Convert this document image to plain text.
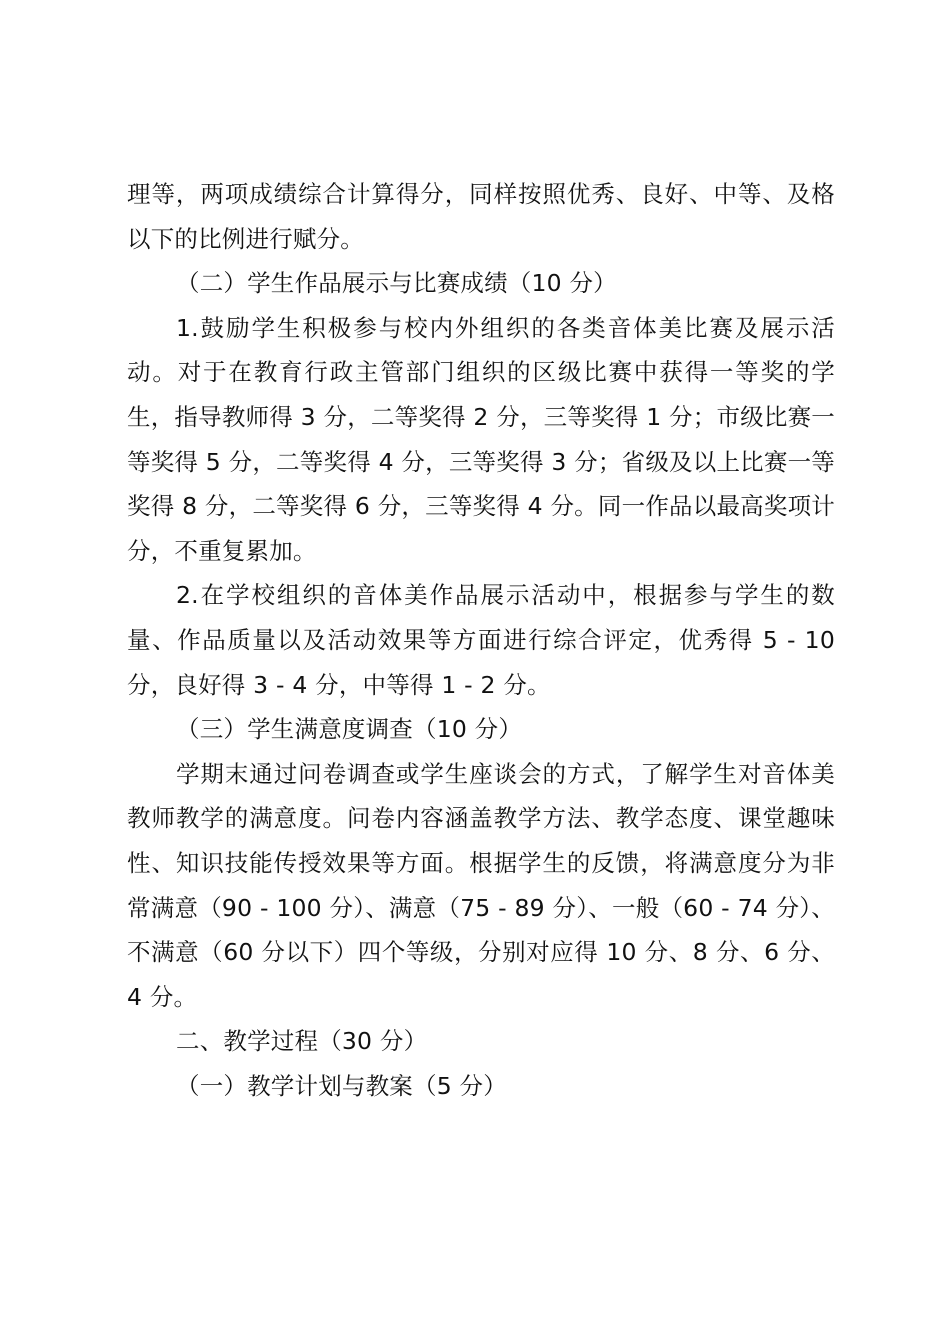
理等，两项成绩综合计算得分，同样按照优秀、良好、中等、及格以下的比例进行赋分。

（二）学生作品展示与比赛成绩（10 分）

1.鼓励学生积极参与校内外组织的各类音体美比赛及展示活动。对于在教育行政主管部门组织的区级比赛中获得一等奖的学生，指导教师得 3 分，二等奖得 2 分，三等奖得 1 分；市级比赛一等奖得 5 分，二等奖得 4 分，三等奖得 3 分；省级及以上比赛一等奖得 8 分，二等奖得 6 分，三等奖得 4 分。同一作品以最高奖项计分，不重复累加。

2.在学校组织的音体美作品展示活动中，根据参与学生的数量、作品质量以及活动效果等方面进行综合评定，优秀得 5 - 10 分，良好得 3 - 4 分，中等得 1 - 2 分。

（三）学生满意度调查（10 分）

学期末通过问卷调查或学生座谈会的方式，了解学生对音体美教师教学的满意度。问卷内容涵盖教学方法、教学态度、课堂趣味性、知识技能传授效果等方面。根据学生的反馈，将满意度分为非常满意（90 - 100 分）、满意（75 - 89 分）、一般（60 - 74 分）、不满意（60 分以下）四个等级，分别对应得 10 分、8 分、6 分、4 分。

二、教学过程（30 分）

（一）教学计划与教案（5 分）
